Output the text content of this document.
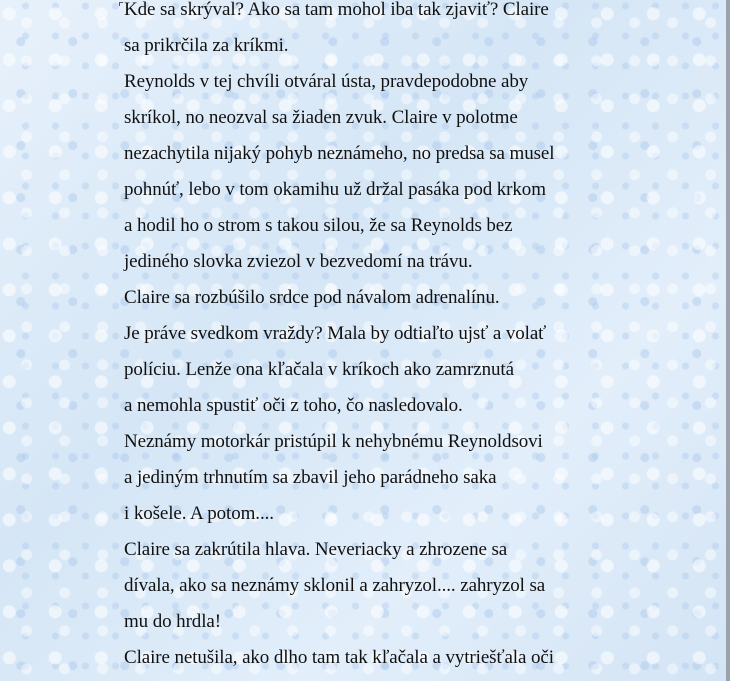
Kde sa skrýval? Ako sa tam mohol iba tak zjaviť? Claire
sa prikrčila za kríkmi.
Reynolds v tej chvíli otváral ústa, pravdepodobne aby
skríkol, no neozval sa žiaden zvuk. Claire v polotme
nezachytila nijaký pohyb neznámeho, no predsa sa musel
pohnúť, lebo v tom okamihu už držal pasáka pod krkom
a hodil ho o strom s takou silou, že sa Reynolds bez
jediného slovka zviezol v bezvedomí na trávu.
Claire sa rozbúšilo srdce pod návalom adrenalínu.
Je práve svedkom vraždy? Mala by odtiaľto ujsť a volať
políciu. Lenže ona kľačala v kríkoch ako zamrznutá
a nemohla spustiť oči z toho, čo nasledovalo.
Neznámy motorkár pristúpil k nehybnému Reynoldsovi
a jediným trhnutím sa zbavil jeho parádneho saka
i košele. A potom....
Claire sa zakrútila hlava. Neveriacky a zhrozene sa
dívala, ako sa neznámy sklonil a zahryzol.... zahryzol sa
mu do hrdla!
Claire netušila, ako dlho tam tak kľačala a vytriešťala oči
